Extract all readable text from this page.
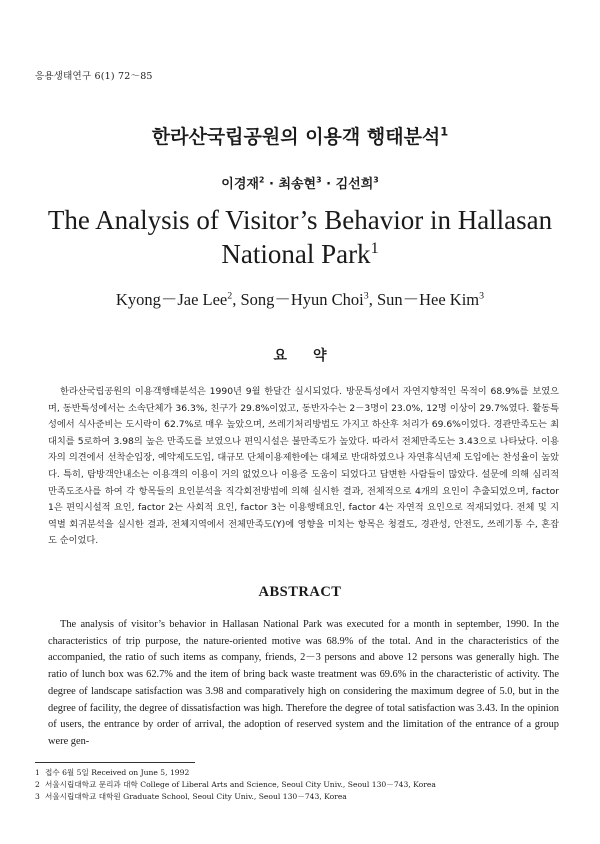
응용생태연구 6(1) 72～85
한라산국립공원의 이용객 행태분석$^1$
이경재$^2$ · 최송현$^3$ · 김선희$^3$
The Analysis of Visitor’s Behavior in Hallasan
National Park$^1$
Kyong－Jae Lee$^2$, Song－Hyun Choi$^3$, Sun－Hee Kim$^3$
요약

한라산국립공원의 이용객행태분석은 1990년 9월 한달간 실시되었다. 방문특성에서 자연지향적인 목적이 68.9%를 보였으며, 동반특성에서는 소속단체가 36.3%, 친구가 29.8%이었고, 동반자수는 2－3명이 23.0%, 12명 이상이 29.7%였다. 활동특성에서 식사준비는 도시락이 62.7%로 매우 높았으며, 쓰레기처리방법도 가지고 하산후 처리가 69.6%이었다. 경관만족도는 최대치를 5로하여 3.98의 높은 만족도를 보였으나 편익시설은 불만족도가 높았다. 따라서 전체만족도는 3.43으로 나타났다. 이용자의 의견에서 선착순입장, 예약제도도입, 대규모 단체이용제한에는 대체로 반대하였으나 자연휴식년제 도입에는 찬성율이 높았다. 특히, 탐방객안내소는 이용객의 이용이 거의 없었으나 이용증 도움이 되었다고 답변한 사람들이 많았다. 설문에 의해 심리적 만족도조사를 하여 각 항목들의 요인분석을 직각회전방법에 의해 실시한 결과, 전체적으로 4개의 요인이 추출되었으며, factor 1은 편익시설적 요인, factor 2는 사회적 요인, factor 3는 이용행태요인, factor 4는 자연적 요인으로 적재되었다. 전체 및 지역별 회귀분석을 실시한 결과, 전체지역에서 전체만족도(Y)에 영향을 미치는 항목은 청결도, 경관성, 안전도, 쓰레기통 수, 혼잡도 순이었다.

ABSTRACT

The analysis of visitor’s behavior in Hallasan National Park was executed for a month in september, 1990. In the characteristics of trip purpose, the nature-oriented motive was 68.9% of the total. And in the characteristics of the accompanied, the ratio of such items as company, friends, 2－3 persons and above 12 persons was generally high. The ratio of lunch box was 62.7% and the item of bring back waste treatment was 69.6% in the characteristic of activity. The degree of landscape satisfaction was 3.98 and comparatively high on considering the maximum degree of 5.0, but in the degree of facility, the degree of dissatisfaction was high. Therefore the degree of total satisfaction was 3.43. In the opinion of users, the entrance by order of arrival, the adoption of reserved system and the limitation of the entrance of a group were gen-

1 접수 6월 5일 Received on June 5, 1992
2 서울시립대학교 문리과 대학 College of Liberal Arts and Science, Seoul City Univ., Seoul 130－743, Korea
3 서울시립대학교 대학원 Graduate School, Seoul City Univ., Seoul 130－743, Korea
